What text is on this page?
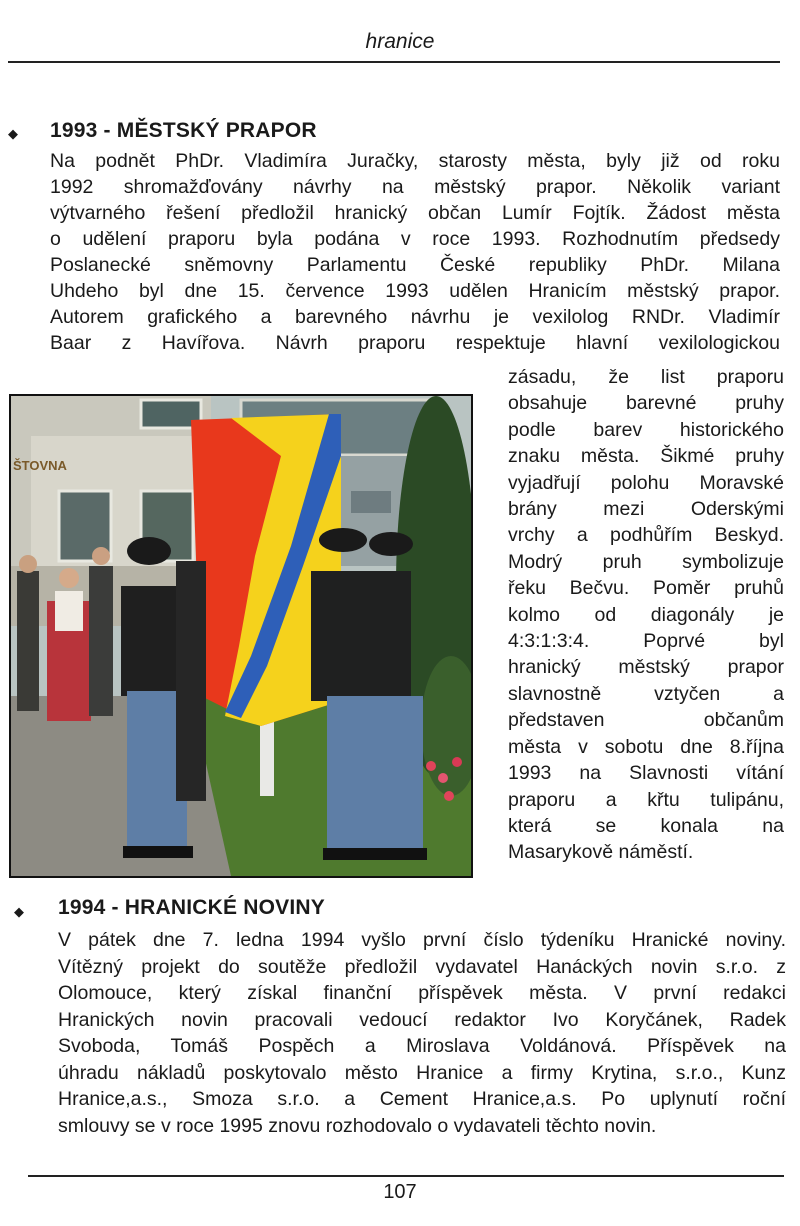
hranice
◆ 1993 - MĚSTSKÝ PRAPOR
Na podnět PhDr. Vladimíra Juračky, starosty města, byly již od roku
1992 shromažďovány návrhy na městský prapor. Několik variant
výtvarného řešení předložil hranický občan Lumír Fojtík. Žádost města
o udělení praporu byla podána v roce 1993. Rozhodnutím předsedy
Poslanecké sněmovny Parlamentu České republiky PhDr. Milana
Uhdeho byl dne 15. července 1993 udělen Hranicím městský prapor.
Autorem grafického a barevného návrhu je vexilolog RNDr. Vladimír
Baar z Havířova. Návrh praporu respektuje hlavní vexilologickou
zásadu, že list praporu
obsahuje barevné pruhy
podle barev historického
znaku města. Šikmé pruhy
vyjadřují polohu Moravské
brány mezi Oderskými
vrchy a podhůřím Beskyd.
Modrý pruh symbolizuje
řeku Bečvu. Poměr pruhů
kolmo od diagonály je
4:3:1:3:4. Poprvé byl
hranický městský prapor
slavnostně vztyčen a
představen občanům
města v sobotu dne 8.října
1993 na Slavnosti vítání
praporu a křtu tulipánu,
která se konala na
Masarykově náměstí.
ŠTOVNA
◆ 1994 - HRANICKÉ NOVINY
V pátek dne 7. ledna 1994 vyšlo první číslo týdeníku Hranické noviny.
Vítězný projekt do soutěže předložil vydavatel Hanáckých novin s.r.o. z
Olomouce, který získal finanční příspěvek města. V první redakci
Hranických novin pracovali vedoucí redaktor Ivo Koryčánek, Radek
Svoboda, Tomáš Pospěch a Miroslava Voldánová. Příspěvek na
úhradu nákladů poskytovalo město Hranice a firmy Krytina, s.r.o., Kunz
Hranice,a.s., Smoza s.r.o. a Cement Hranice,a.s. Po uplynutí roční
smlouvy se v roce 1995 znovu rozhodovalo o vydavateli těchto novin.
107
